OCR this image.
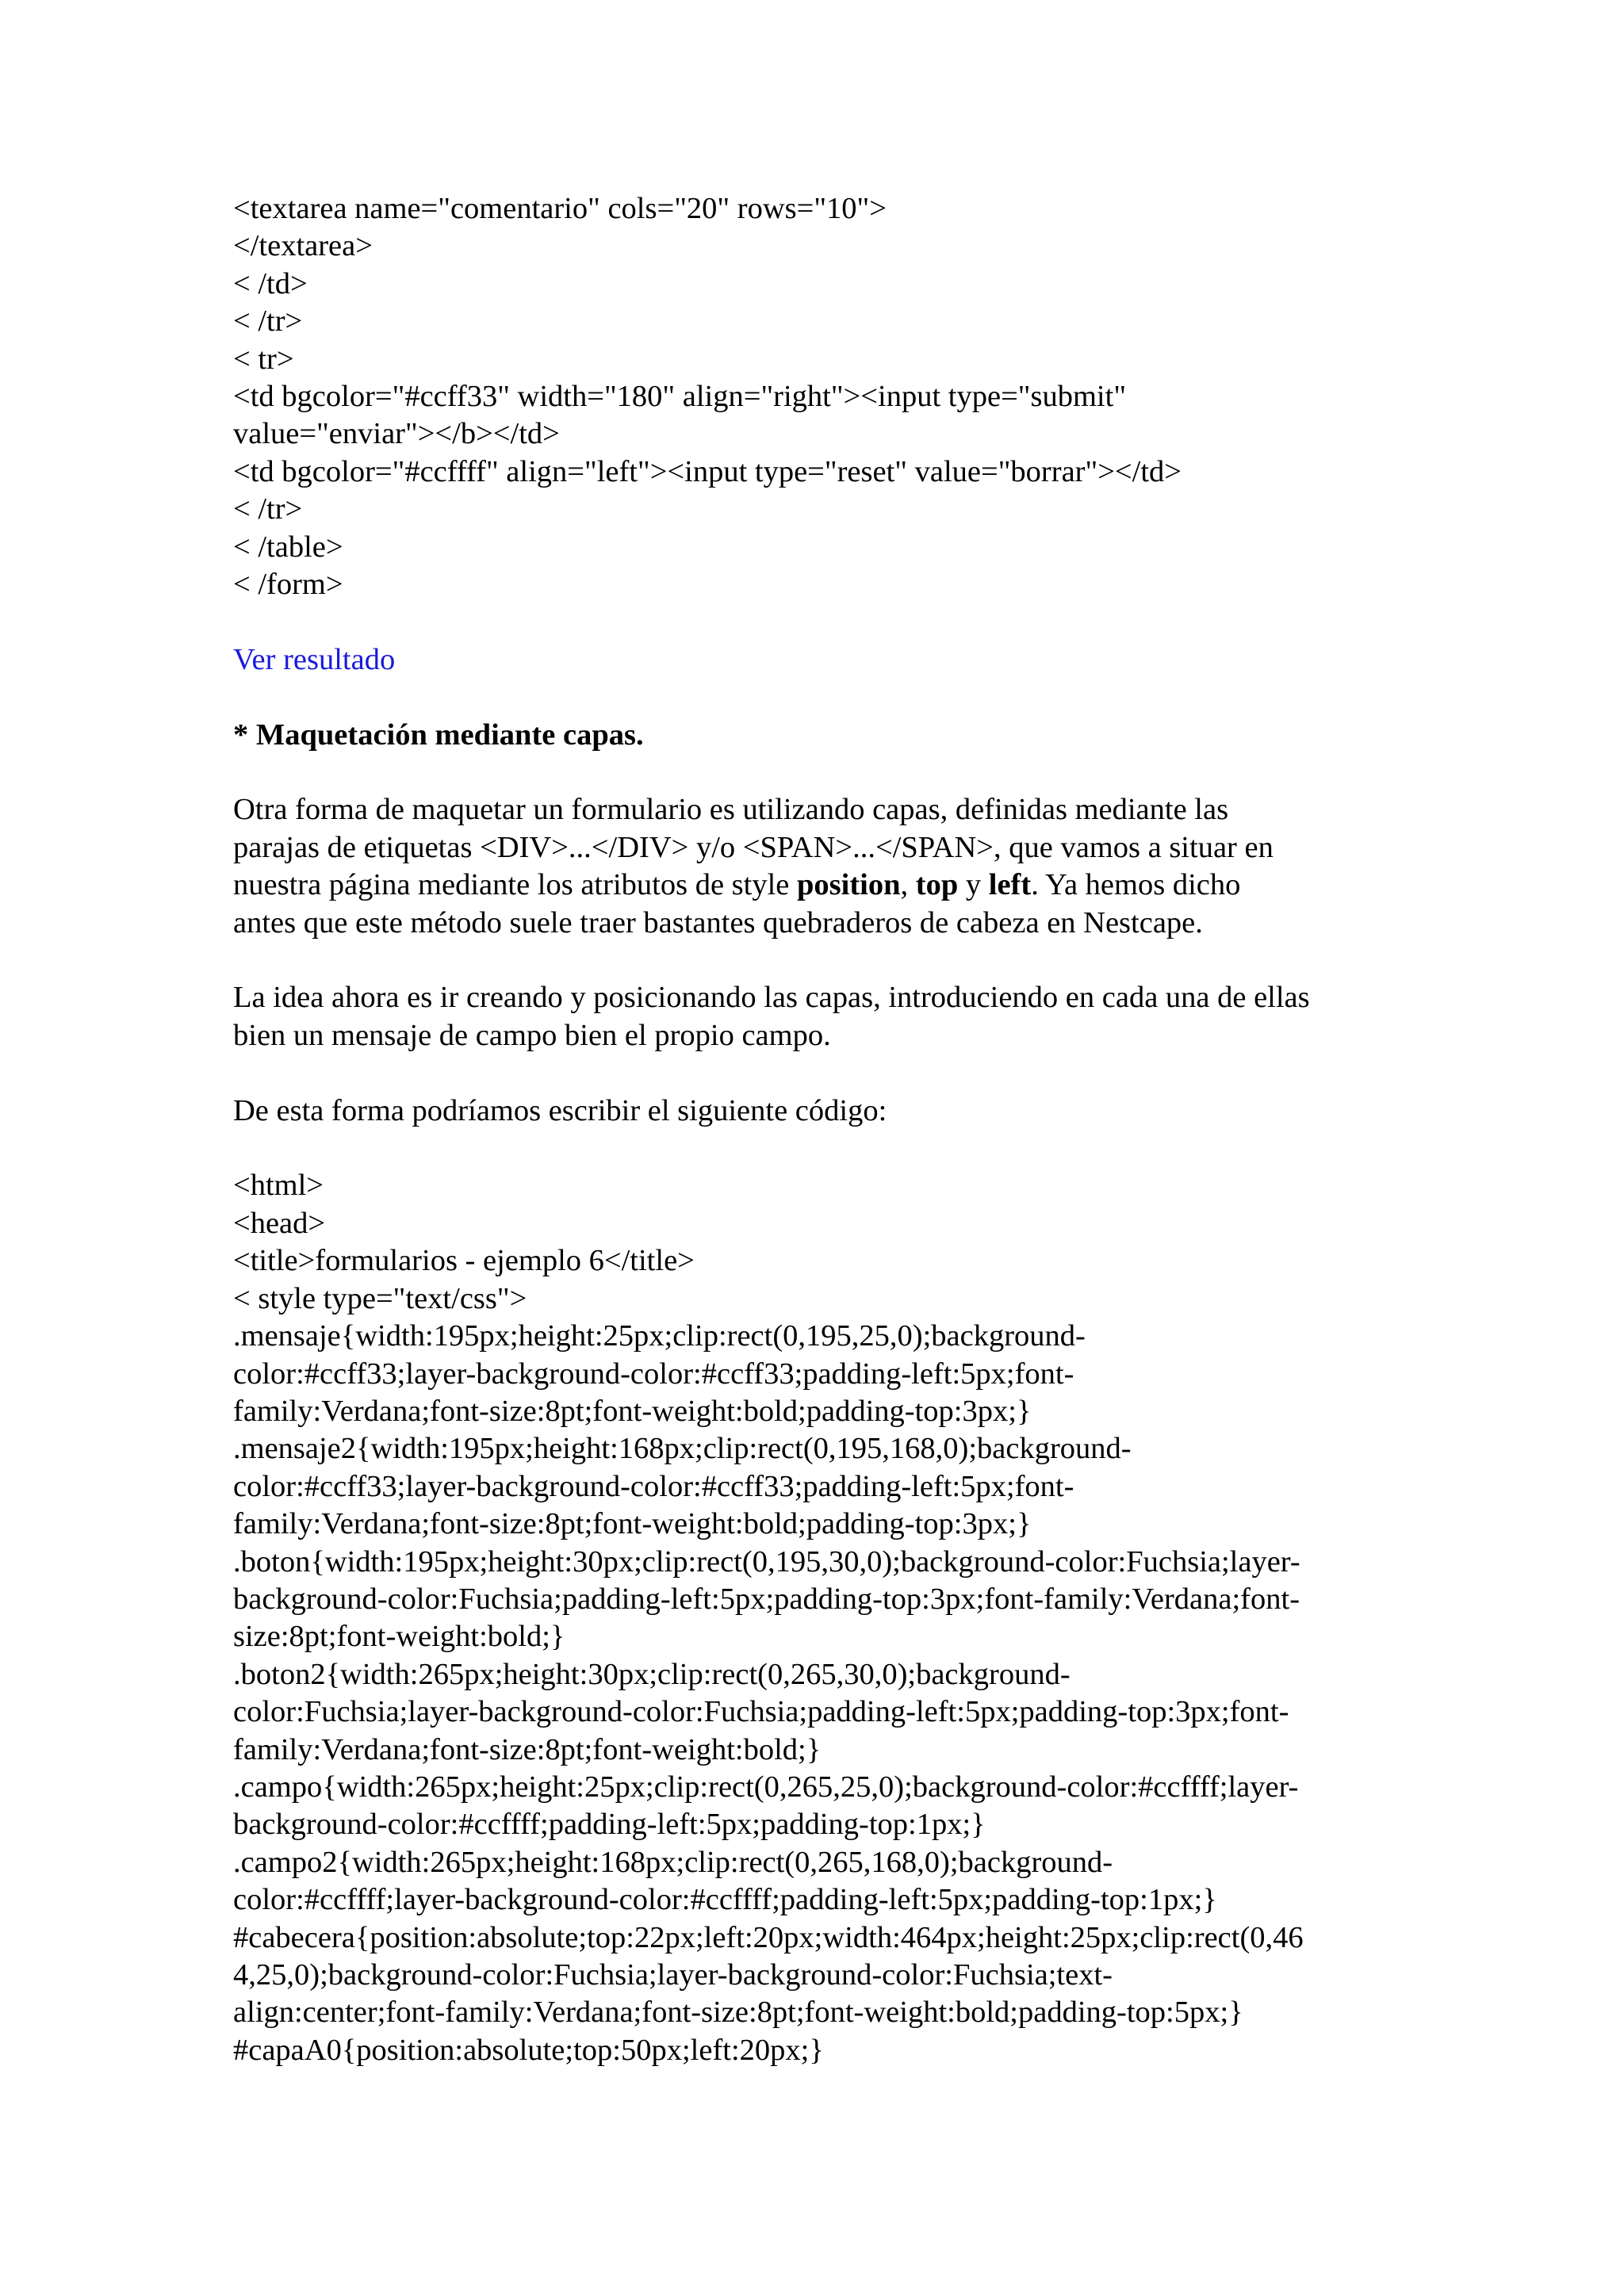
<textarea name="comentario" cols="20" rows="10">
</textarea>
< /td>
< /tr>
< tr>
<td bgcolor="#ccff33" width="180" align="right"><input type="submit"
value="enviar"></b></td>
<td bgcolor="#ccffff" align="left"><input type="reset" value="borrar"></td>
< /tr>
< /table>
< /form>
Ver resultado
* Maquetación mediante capas.
Otra forma de maquetar un formulario es utilizando capas, definidas mediante las
parajas de etiquetas <DIV>...</DIV> y/o <SPAN>...</SPAN>, que vamos a situar en
nuestra página mediante los atributos de style position, top y left. Ya hemos dicho
antes que este método suele traer bastantes quebraderos de cabeza en Nestcape.
La idea ahora es ir creando y posicionando las capas, introduciendo en cada una de ellas
bien un mensaje de campo bien el propio campo.
De esta forma podríamos escribir el siguiente código:
<html>
<head>
<title>formularios - ejemplo 6</title>
< style type="text/css">
.mensaje{width:195px;height:25px;clip:rect(0,195,25,0);background-
color:#ccff33;layer-background-color:#ccff33;padding-left:5px;font-
family:Verdana;font-size:8pt;font-weight:bold;padding-top:3px;}
.mensaje2{width:195px;height:168px;clip:rect(0,195,168,0);background-
color:#ccff33;layer-background-color:#ccff33;padding-left:5px;font-
family:Verdana;font-size:8pt;font-weight:bold;padding-top:3px;}
.boton{width:195px;height:30px;clip:rect(0,195,30,0);background-color:Fuchsia;layer-
background-color:Fuchsia;padding-left:5px;padding-top:3px;font-family:Verdana;font-
size:8pt;font-weight:bold;}
.boton2{width:265px;height:30px;clip:rect(0,265,30,0);background-
color:Fuchsia;layer-background-color:Fuchsia;padding-left:5px;padding-top:3px;font-
family:Verdana;font-size:8pt;font-weight:bold;}
.campo{width:265px;height:25px;clip:rect(0,265,25,0);background-color:#ccffff;layer-
background-color:#ccffff;padding-left:5px;padding-top:1px;}
.campo2{width:265px;height:168px;clip:rect(0,265,168,0);background-
color:#ccffff;layer-background-color:#ccffff;padding-left:5px;padding-top:1px;}
#cabecera{position:absolute;top:22px;left:20px;width:464px;height:25px;clip:rect(0,46
4,25,0);background-color:Fuchsia;layer-background-color:Fuchsia;text-
align:center;font-family:Verdana;font-size:8pt;font-weight:bold;padding-top:5px;}
#capaA0{position:absolute;top:50px;left:20px;}
